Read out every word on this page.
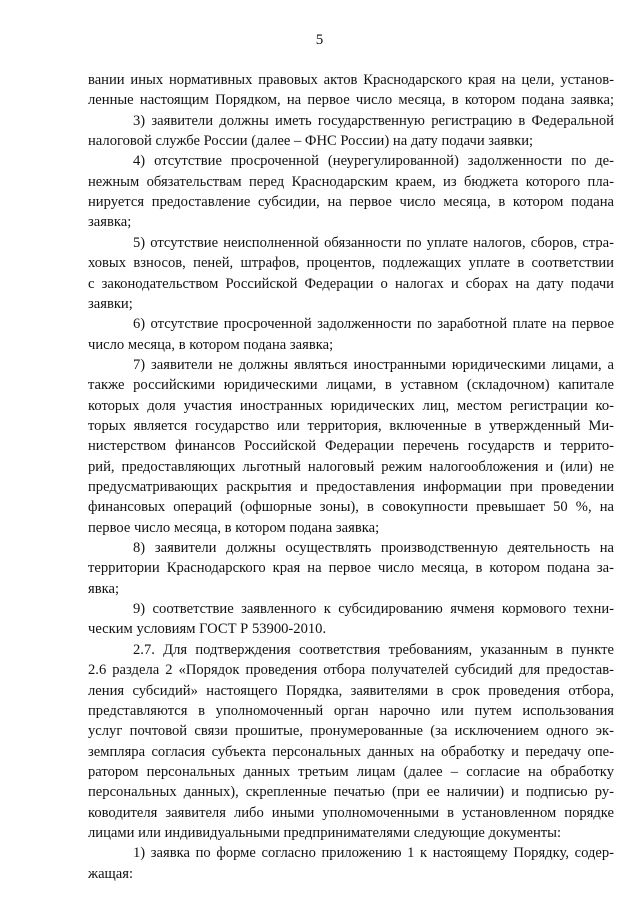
5
вании иных нормативных правовых актов Краснодарского края на цели, установ-
ленные настоящим Порядком, на первое число месяца, в котором подана заявка;
3) заявители должны иметь государственную регистрацию в Федеральной
налоговой службе России (далее – ФНС России) на дату подачи заявки;
4) отсутствие просроченной (неурегулированной) задолженности по де-
нежным обязательствам перед Краснодарским краем, из бюджета которого пла-
нируется предоставление субсидии, на первое число месяца, в котором подана
заявка;
5) отсутствие неисполненной обязанности по уплате налогов, сборов, стра-
ховых взносов, пеней, штрафов, процентов, подлежащих уплате в соответствии
с законодательством Российской Федерации о налогах и сборах на дату подачи
заявки;
6) отсутствие просроченной задолженности по заработной плате на первое
число месяца, в котором подана заявка;
7) заявители не должны являться иностранными юридическими лицами, а
также российскими юридическими лицами, в уставном (складочном) капитале
которых доля участия иностранных юридических лиц, местом регистрации ко-
торых является государство или территория, включенные в утвержденный Ми-
нистерством финансов Российской Федерации перечень государств и террито-
рий, предоставляющих льготный налоговый режим налогообложения и (или) не
предусматривающих раскрытия и предоставления информации при проведении
финансовых операций (офшорные зоны), в совокупности превышает 50 %, на
первое число месяца, в котором подана заявка;
8) заявители должны осуществлять производственную деятельность на
территории Краснодарского края на первое число месяца, в котором подана за-
явка;
9) соответствие заявленного к субсидированию ячменя кормового техни-
ческим условиям ГОСТ Р 53900-2010.
2.7. Для подтверждения соответствия требованиям, указанным в пункте
2.6 раздела 2 «Порядок проведения отбора получателей субсидий для предостав-
ления субсидий» настоящего Порядка, заявителями в срок проведения отбора,
представляются в уполномоченный орган нарочно или путем использования
услуг почтовой связи прошитые, пронумерованные (за исключением одного эк-
земпляра согласия субъекта персональных данных на обработку и передачу опе-
ратором персональных данных третьим лицам (далее – согласие на обработку
персональных данных), скрепленные печатью (при ее наличии) и подписью ру-
ководителя заявителя либо иными уполномоченными в установленном порядке
лицами или индивидуальными предпринимателями следующие документы:
1) заявка по форме согласно приложению 1 к настоящему Порядку, содер-
жащая:
